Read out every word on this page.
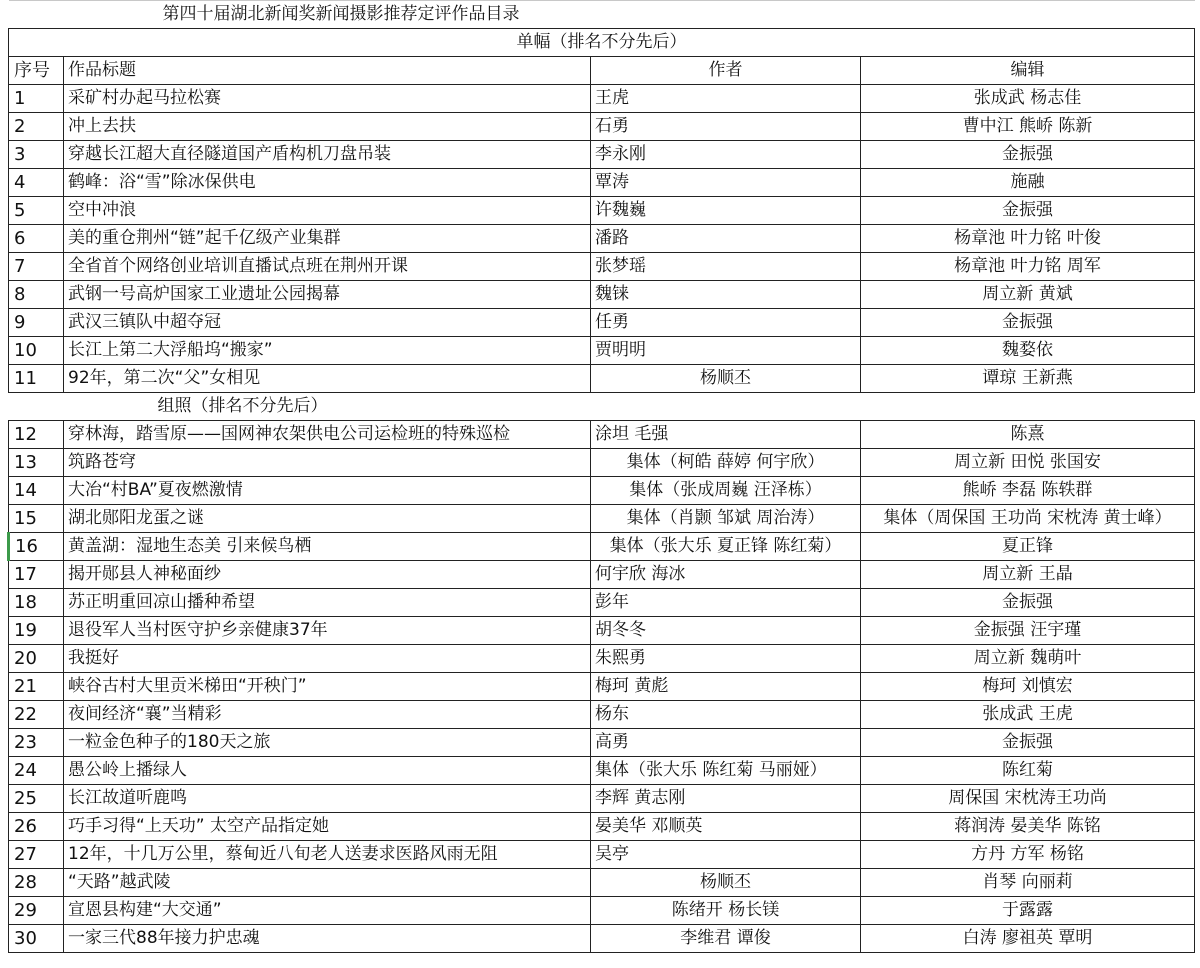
第四十届湖北新闻奖新闻摄影推荐定评作品目录			
单幅（排名不分先后）			
序号	作品标题	作者	编辑
1	采矿村办起马拉松赛	王虎	张成武 杨志佳
2	冲上去扶	石勇	曹中江 熊峤 陈新
3	穿越长江超大直径隧道国产盾构机刀盘吊装	李永刚	金振强
4	鹤峰：浴“雪”除冰保供电	覃涛	施融
5	空中冲浪	许魏巍	金振强
6	美的重仓荆州“链”起千亿级产业集群	潘路	杨章池 叶力铭 叶俊
7	全省首个网络创业培训直播试点班在荆州开课	张梦瑶	杨章池 叶力铭 周军
8	武钢一号高炉国家工业遗址公园揭幕	魏铼	周立新 黄斌
9	武汉三镇队中超夺冠	任勇	金振强
10	长江上第二大浮船坞“搬家”	贾明明	魏婺依
11	92年，第二次“父”女相见	杨顺丕	谭琼 王新燕
组照（排名不分先后）			
12	穿林海，踏雪原——国网神农架供电公司运检班的特殊巡检	涂坦 毛强	陈熹
13	筑路苍穹	集体（柯皓 薛婷 何宇欣）	周立新 田悦 张国安
14	大冶“村BA”夏夜燃激情	集体（张成周巍 汪泽栋）	熊峤 李磊 陈轶群
15	湖北郧阳龙蛋之谜	集体（肖颢 邹斌 周治涛）	集体（周保国 王功尚 宋枕涛 黄士峰）
16	黄盖湖：湿地生态美 引来候鸟栖	集体（张大乐 夏正锋 陈红菊）	夏正锋
17	揭开郧县人神秘面纱	何宇欣 海冰	周立新 王晶
18	苏正明重回凉山播种希望	彭年	金振强
19	退役军人当村医守护乡亲健康37年	胡冬冬	金振强 汪宇瑾
20	我挺好	朱熙勇	周立新 魏萌叶
21	峡谷古村大里贡米梯田“开秧门”	梅珂 黄彪	梅珂 刘慎宏
22	夜间经济“襄”当精彩	杨东	张成武 王虎
23	一粒金色种子的180天之旅	高勇	金振强
24	愚公岭上播绿人	集体（张大乐 陈红菊 马丽娅）	陈红菊
25	长江故道听鹿鸣	李辉 黄志刚	周保国 宋枕涛王功尚
26	巧手习得“上天功” 太空产品指定她	晏美华 邓顺英	蒋润涛 晏美华 陈铭
27	12年，十几万公里，蔡甸近八旬老人送妻求医路风雨无阻	吴亭	方丹 方军 杨铭
28	“天路”越武陵	杨顺丕	肖琴 向丽莉
29	宣恩县构建“大交通”	陈绪开 杨长镁	于露露
30	一家三代88年接力护忠魂	李维君 谭俊	白涛 廖祖英 覃明
